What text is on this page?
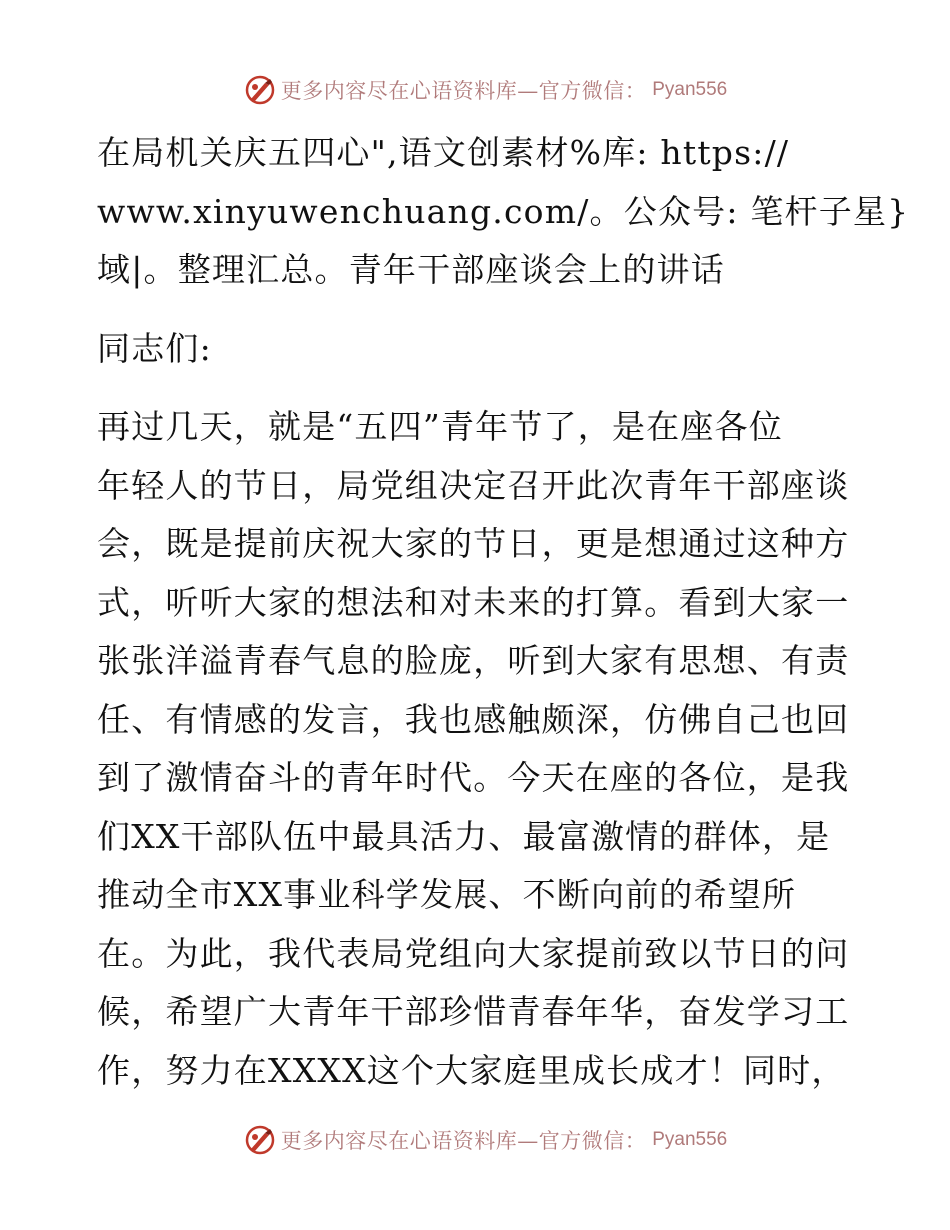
更多内容尽在心语资料库—官方微信： Pyan556
在局机关庆五四心",语文创素材%库: https://
www.xinyuwenchuang.com/。公众号: 笔杆子星}
域|。整理汇总。青年干部座谈会上的讲话
同志们:
再过几天，就是“五四”青年节了，是在座各位
年轻人的节日，局党组决定召开此次青年干部座谈
会，既是提前庆祝大家的节日，更是想通过这种方
式，听听大家的想法和对未来的打算。看到大家一
张张洋溢青春气息的脸庞，听到大家有思想、有责
任、有情感的发言，我也感触颇深，仿佛自己也回
到了激情奋斗的青年时代。今天在座的各位，是我
们XX干部队伍中最具活力、最富激情的群体，是
推动全市XX事业科学发展、不断向前的希望所
在。为此，我代表局党组向大家提前致以节日的问
候，希望广大青年干部珍惜青春年华，奋发学习工
作，努力在XXXX这个大家庭里成长成才！同时，
更多内容尽在心语资料库—官方微信： Pyan556
